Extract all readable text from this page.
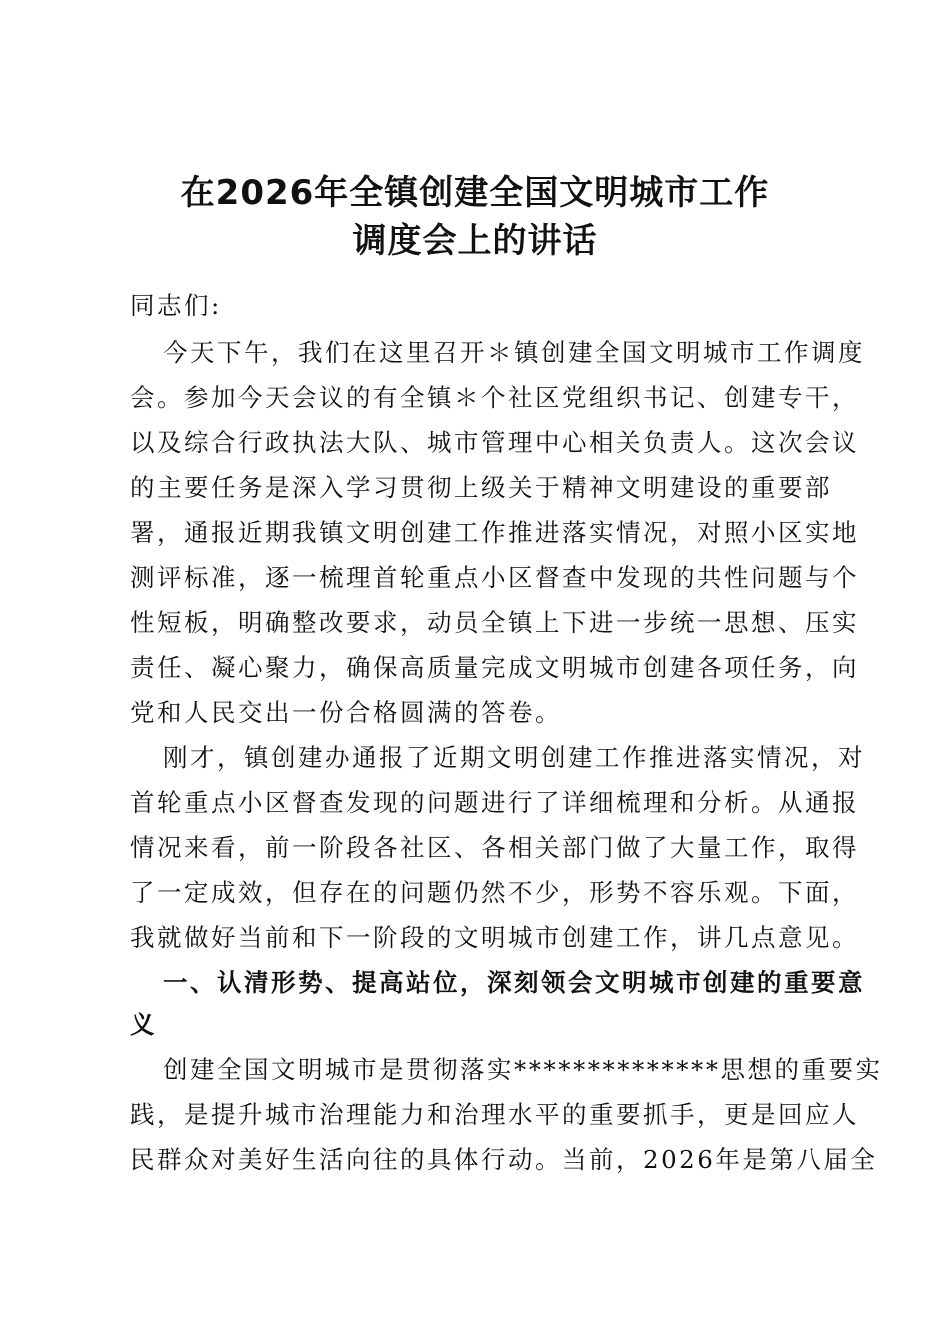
在2026年全镇创建全国文明城市工作
调度会上的讲话
同志们:
今天下午，我们在这里召开＊镇创建全国文明城市工作调度
会。参加今天会议的有全镇＊个社区党组织书记、创建专干，
以及综合行政执法大队、城市管理中心相关负责人。这次会议
的主要任务是深入学习贯彻上级关于精神文明建设的重要部
署，通报近期我镇文明创建工作推进落实情况，对照小区实地
测评标准，逐一梳理首轮重点小区督查中发现的共性问题与个
性短板，明确整改要求，动员全镇上下进一步统一思想、压实
责任、凝心聚力，确保高质量完成文明城市创建各项任务，向
党和人民交出一份合格圆满的答卷。
刚才，镇创建办通报了近期文明创建工作推进落实情况，对
首轮重点小区督查发现的问题进行了详细梳理和分析。从通报
情况来看，前一阶段各社区、各相关部门做了大量工作，取得
了一定成效，但存在的问题仍然不少，形势不容乐观。下面，
我就做好当前和下一阶段的文明城市创建工作，讲几点意见。
一、认清形势、提高站位，深刻领会文明城市创建的重要意
义
创建全国文明城市是贯彻落实**************思想的重要实
践，是提升城市治理能力和治理水平的重要抓手，更是回应人
民群众对美好生活向往的具体行动。当前，2026年是第八届全
